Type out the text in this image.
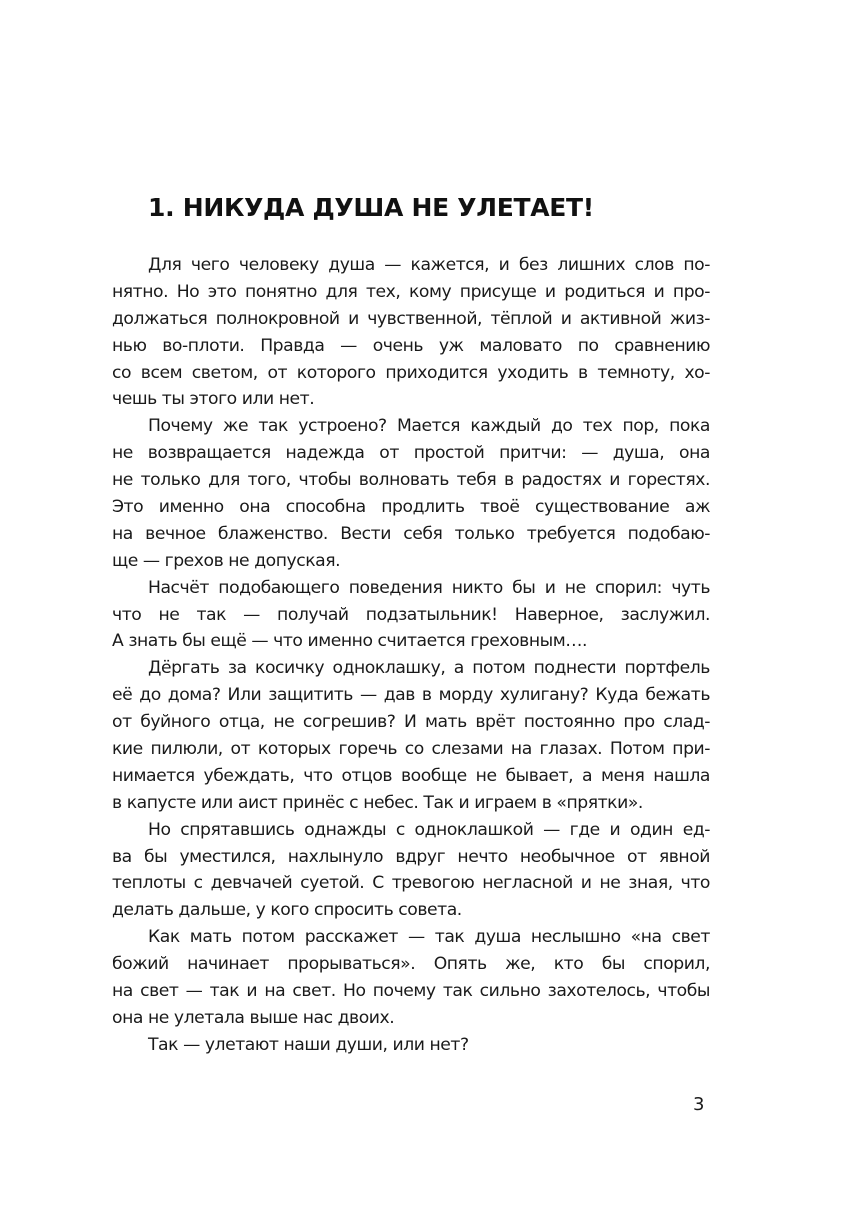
1. НИКУДА ДУША НЕ УЛЕТАЕТ!
Для чего человеку душа — кажется, и без лишних слов по-
нятно. Но это понятно для тех, кому присуще и родиться и про-
должаться полнокровной и чувственной, тёплой и активной жиз-
нью во-плоти. Правда — очень уж маловато по сравнению
со всем светом, от которого приходится уходить в темноту, хо-
чешь ты этого или нет.
Почему же так устроено? Мается каждый до тех пор, пока
не возвращается надежда от простой притчи: — душа, она
не только для того, чтобы волновать тебя в радостях и горестях.
Это именно она способна продлить твоё существование аж
на вечное блаженство. Вести себя только требуется подобаю-
ще — грехов не допуская.
Насчёт подобающего поведения никто бы и не спорил: чуть
что не так — получай подзатыльник! Наверное, заслужил.
А знать бы ещё — что именно считается греховным….
Дёргать за косичку одноклашку, а потом поднести портфель
её до дома? Или защитить — дав в морду хулигану? Куда бежать
от буйного отца, не согрешив? И мать врёт постоянно про слад-
кие пилюли, от которых горечь со слезами на глазах. Потом при-
нимается убеждать, что отцов вообще не бывает, а меня нашла
в капусте или аист принёс с небес. Так и играем в «прятки».
Но спрятавшись однажды с одноклашкой — где и один ед-
ва бы уместился, нахлынуло вдруг нечто необычное от явной
теплоты с девчачей суетой. С тревогою негласной и не зная, что
делать дальше, у кого спросить совета.
Как мать потом расскажет — так душа неслышно «на свет
божий начинает прорываться». Опять же, кто бы спорил,
на свет — так и на свет. Но почему так сильно захотелось, чтобы
она не улетала выше нас двоих.
Так — улетают наши души, или нет?
3
